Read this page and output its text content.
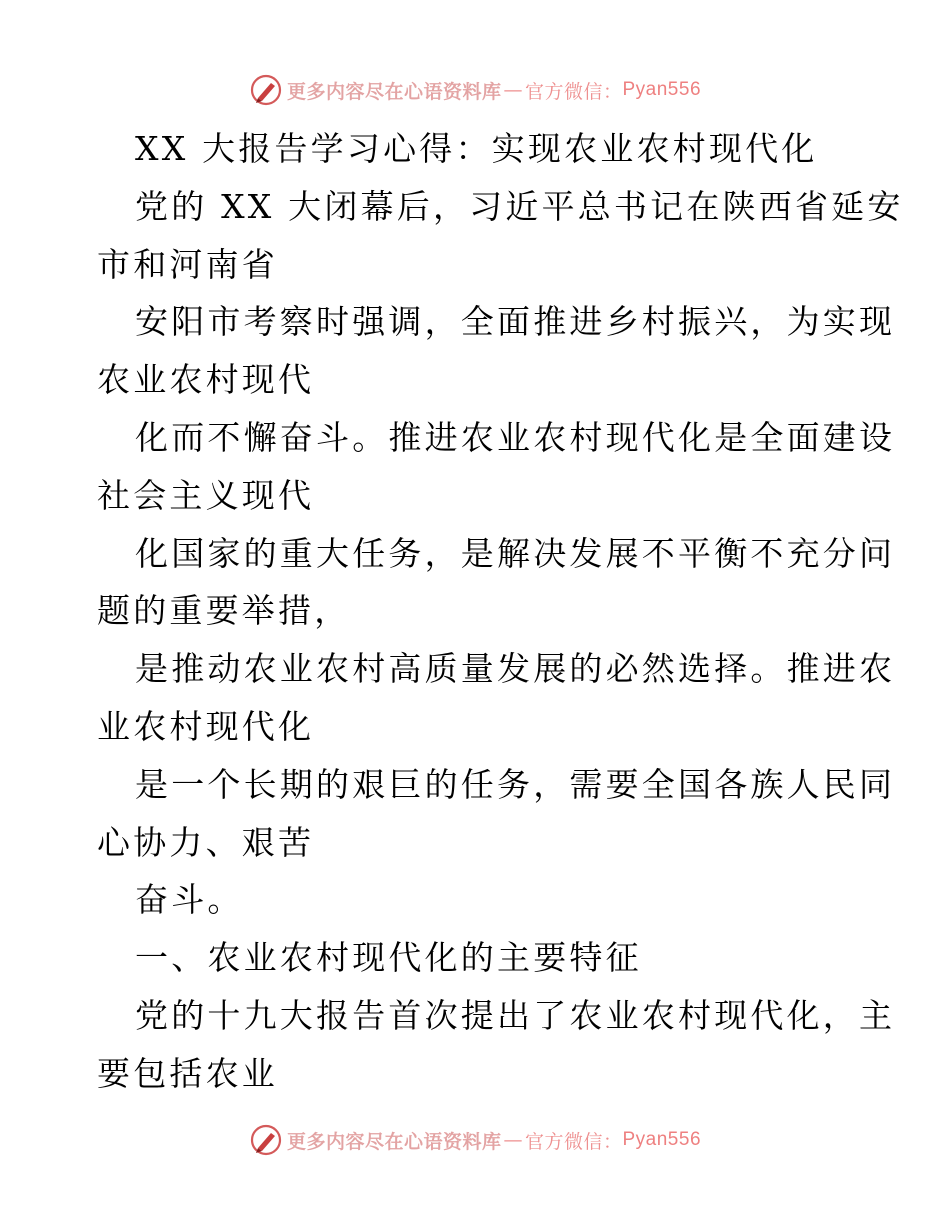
更多内容尽在心语资料库 — 官方微信： Pyan556
XX 大报告学习心得：实现农业农村现代化
党的 XX 大闭幕后，习近平总书记在陕西省延安
市和河南省
安阳市考察时强调，全面推进乡村振兴，为实现
农业农村现代
化而不懈奋斗。推进农业农村现代化是全面建设
社会主义现代
化国家的重大任务，是解决发展不平衡不充分问
题的重要举措，
是推动农业农村高质量发展的必然选择。推进农
业农村现代化
是一个长期的艰巨的任务，需要全国各族人民同
心协力、艰苦
奋斗。
一、农业农村现代化的主要特征
党的十九大报告首次提出了农业农村现代化，主
要包括农业
更多内容尽在心语资料库 — 官方微信： Pyan556
